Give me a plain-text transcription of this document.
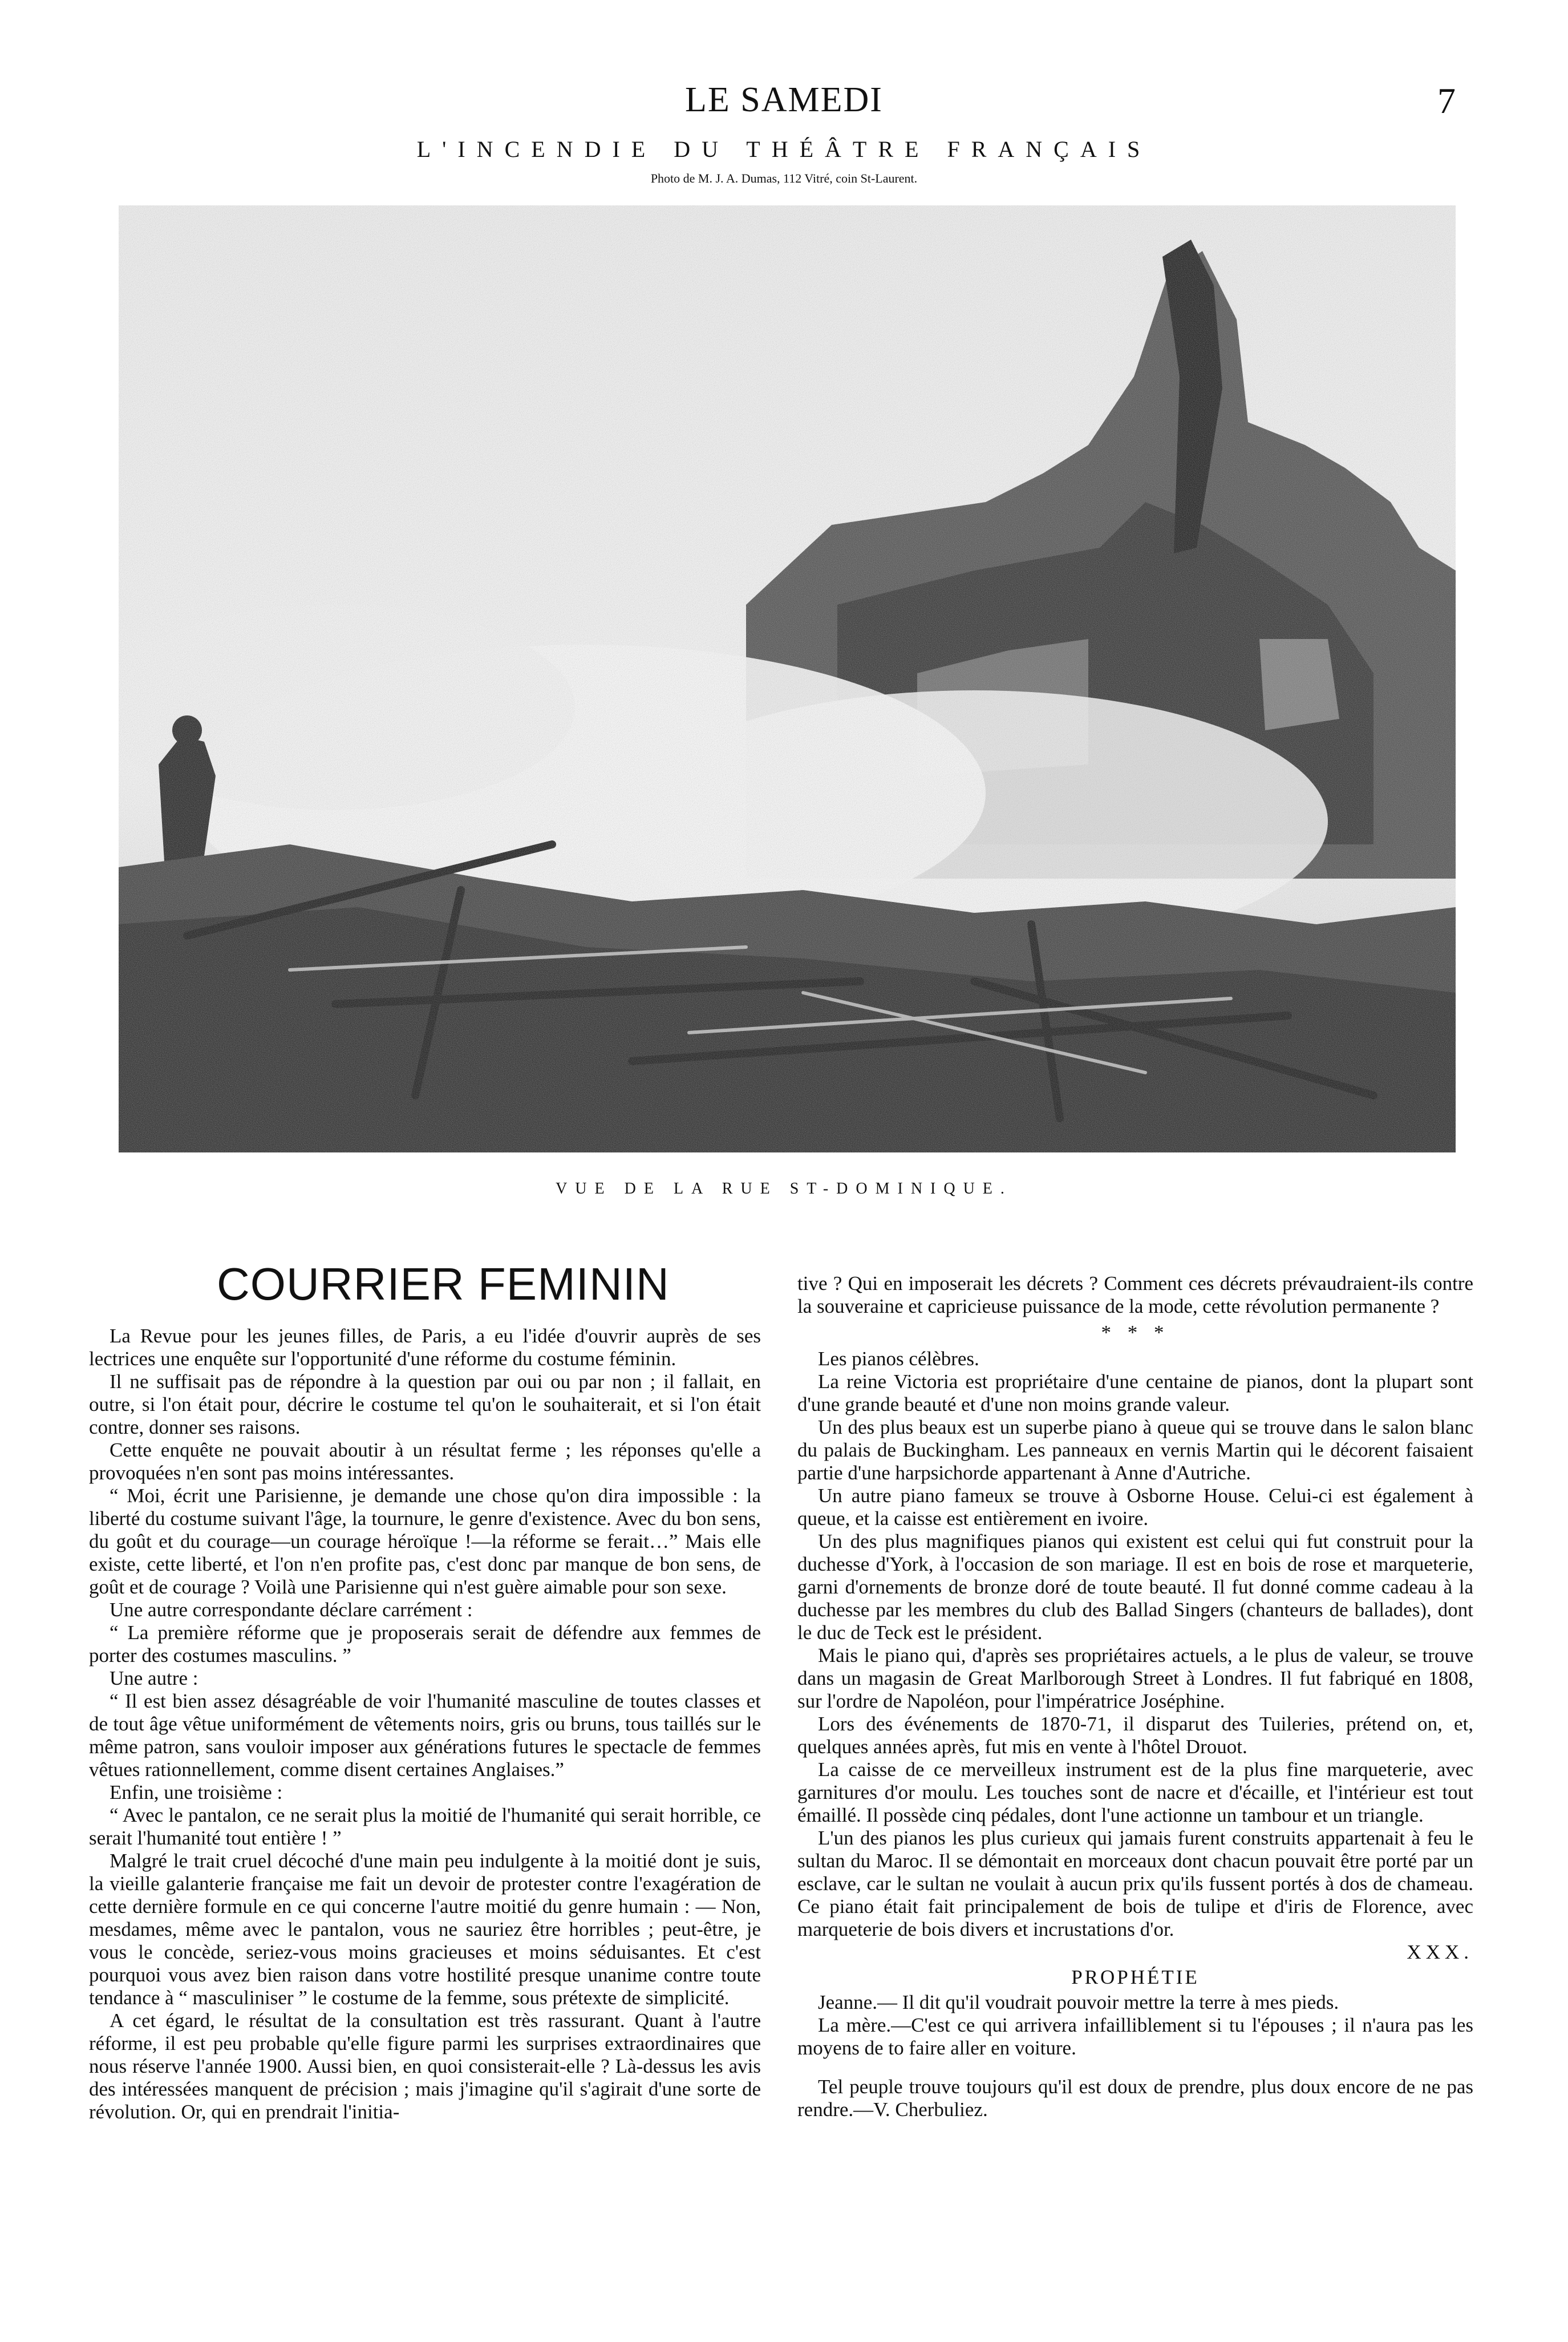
LE SAMEDI	7
L'INCENDIE DU THÉÂTRE FRANÇAIS
Photo de M. J. A. Dumas, 112 Vitré, coin St-Laurent.
VUE DE LA RUE ST-DOMINIQUE.
COURRIER FEMININ

La Revue pour les jeunes filles, de Paris, a eu l'idée d'ouvrir auprès de ses lectrices une enquête sur l'opportunité d'une réforme du costume féminin.

Il ne suffisait pas de répondre à la question par oui ou par non ; il fallait, en outre, si l'on était pour, décrire le costume tel qu'on le souhaiterait, et si l'on était contre, donner ses raisons.

Cette enquête ne pouvait aboutir à un résultat ferme ; les réponses qu'elle a provoquées n'en sont pas moins intéressantes.

“ Moi, écrit une Parisienne, je demande une chose qu'on dira impossible : la liberté du costume suivant l'âge, la tournure, le genre d'existence. Avec du bon sens, du goût et du courage—un courage héroïque !—la réforme se ferait…” Mais elle existe, cette liberté, et l'on n'en profite pas, c'est donc par manque de bon sens, de goût et de courage ? Voilà une Parisienne qui n'est guère aimable pour son sexe.

Une autre correspondante déclare carrément :

“ La première réforme que je proposerais serait de défendre aux femmes de porter des costumes masculins. ”

Une autre :

“ Il est bien assez désagréable de voir l'humanité masculine de toutes classes et de tout âge vêtue uniformément de vêtements noirs, gris ou bruns, tous taillés sur le même patron, sans vouloir imposer aux générations futures le spectacle de femmes vêtues rationnellement, comme disent certaines Anglaises.”

Enfin, une troisième :

“ Avec le pantalon, ce ne serait plus la moitié de l'humanité qui serait horrible, ce serait l'humanité tout entière ! ”

Malgré le trait cruel décoché d'une main peu indulgente à la moitié dont je suis, la vieille galanterie française me fait un devoir de protester contre l'exagération de cette dernière formule en ce qui concerne l'autre moitié du genre humain : — Non, mesdames, même avec le pantalon, vous ne sauriez être horribles ; peut-être, je vous le concède, seriez-vous moins gracieuses et moins séduisantes. Et c'est pourquoi vous avez bien raison dans votre hostilité presque unanime contre toute tendance à “ masculiniser ” le costume de la femme, sous prétexte de simplicité.

A cet égard, le résultat de la consultation est très rassurant. Quant à l'autre réforme, il est peu probable qu'elle figure parmi les surprises extraordinaires que nous réserve l'année 1900. Aussi bien, en quoi consisterait-elle ? Là-dessus les avis des intéressées manquent de précision ; mais j'imagine qu'il s'agirait d'une sorte de révolution. Or, qui en prendrait l'initia-

tive ? Qui en imposerait les décrets ? Comment ces décrets prévaudraient-ils contre la souveraine et capricieuse puissance de la mode, cette révolution permanente ?

* * *

Les pianos célèbres.

La reine Victoria est propriétaire d'une centaine de pianos, dont la plupart sont d'une grande beauté et d'une non moins grande valeur.

Un des plus beaux est un superbe piano à queue qui se trouve dans le salon blanc du palais de Buckingham. Les panneaux en vernis Martin qui le décorent faisaient partie d'une harpsichorde appartenant à Anne d'Autriche.

Un autre piano fameux se trouve à Osborne House. Celui-ci est également à queue, et la caisse est entièrement en ivoire.

Un des plus magnifiques pianos qui existent est celui qui fut construit pour la duchesse d'York, à l'occasion de son mariage. Il est en bois de rose et marqueterie, garni d'ornements de bronze doré de toute beauté. Il fut donné comme cadeau à la duchesse par les membres du club des Ballad Singers (chanteurs de ballades), dont le duc de Teck est le président.

Mais le piano qui, d'après ses propriétaires actuels, a le plus de valeur, se trouve dans un magasin de Great Marlborough Street à Londres. Il fut fabriqué en 1808, sur l'ordre de Napoléon, pour l'impératrice Joséphine.

Lors des événements de 1870-71, il disparut des Tuileries, prétend on, et, quelques années après, fut mis en vente à l'hôtel Drouot.

La caisse de ce merveilleux instrument est de la plus fine marqueterie, avec garnitures d'or moulu. Les touches sont de nacre et d'écaille, et l'intérieur est tout émaillé. Il possède cinq pédales, dont l'une actionne un tambour et un triangle.

L'un des pianos les plus curieux qui jamais furent construits appartenait à feu le sultan du Maroc. Il se démontait en morceaux dont chacun pouvait être porté par un esclave, car le sultan ne voulait à aucun prix qu'ils fussent portés à dos de chameau. Ce piano était fait principalement de bois de tulipe et d'iris de Florence, avec marqueterie de bois divers et incrustations d'or.

XXX.

PROPHÉTIE

Jeanne.— Il dit qu'il voudrait pouvoir mettre la terre à mes pieds.

La mère.—C'est ce qui arrivera infailliblement si tu l'épouses ; il n'aura pas les moyens de to faire aller en voiture.

Tel peuple trouve toujours qu'il est doux de prendre, plus doux encore de ne pas rendre.—V. Cherbuliez.
